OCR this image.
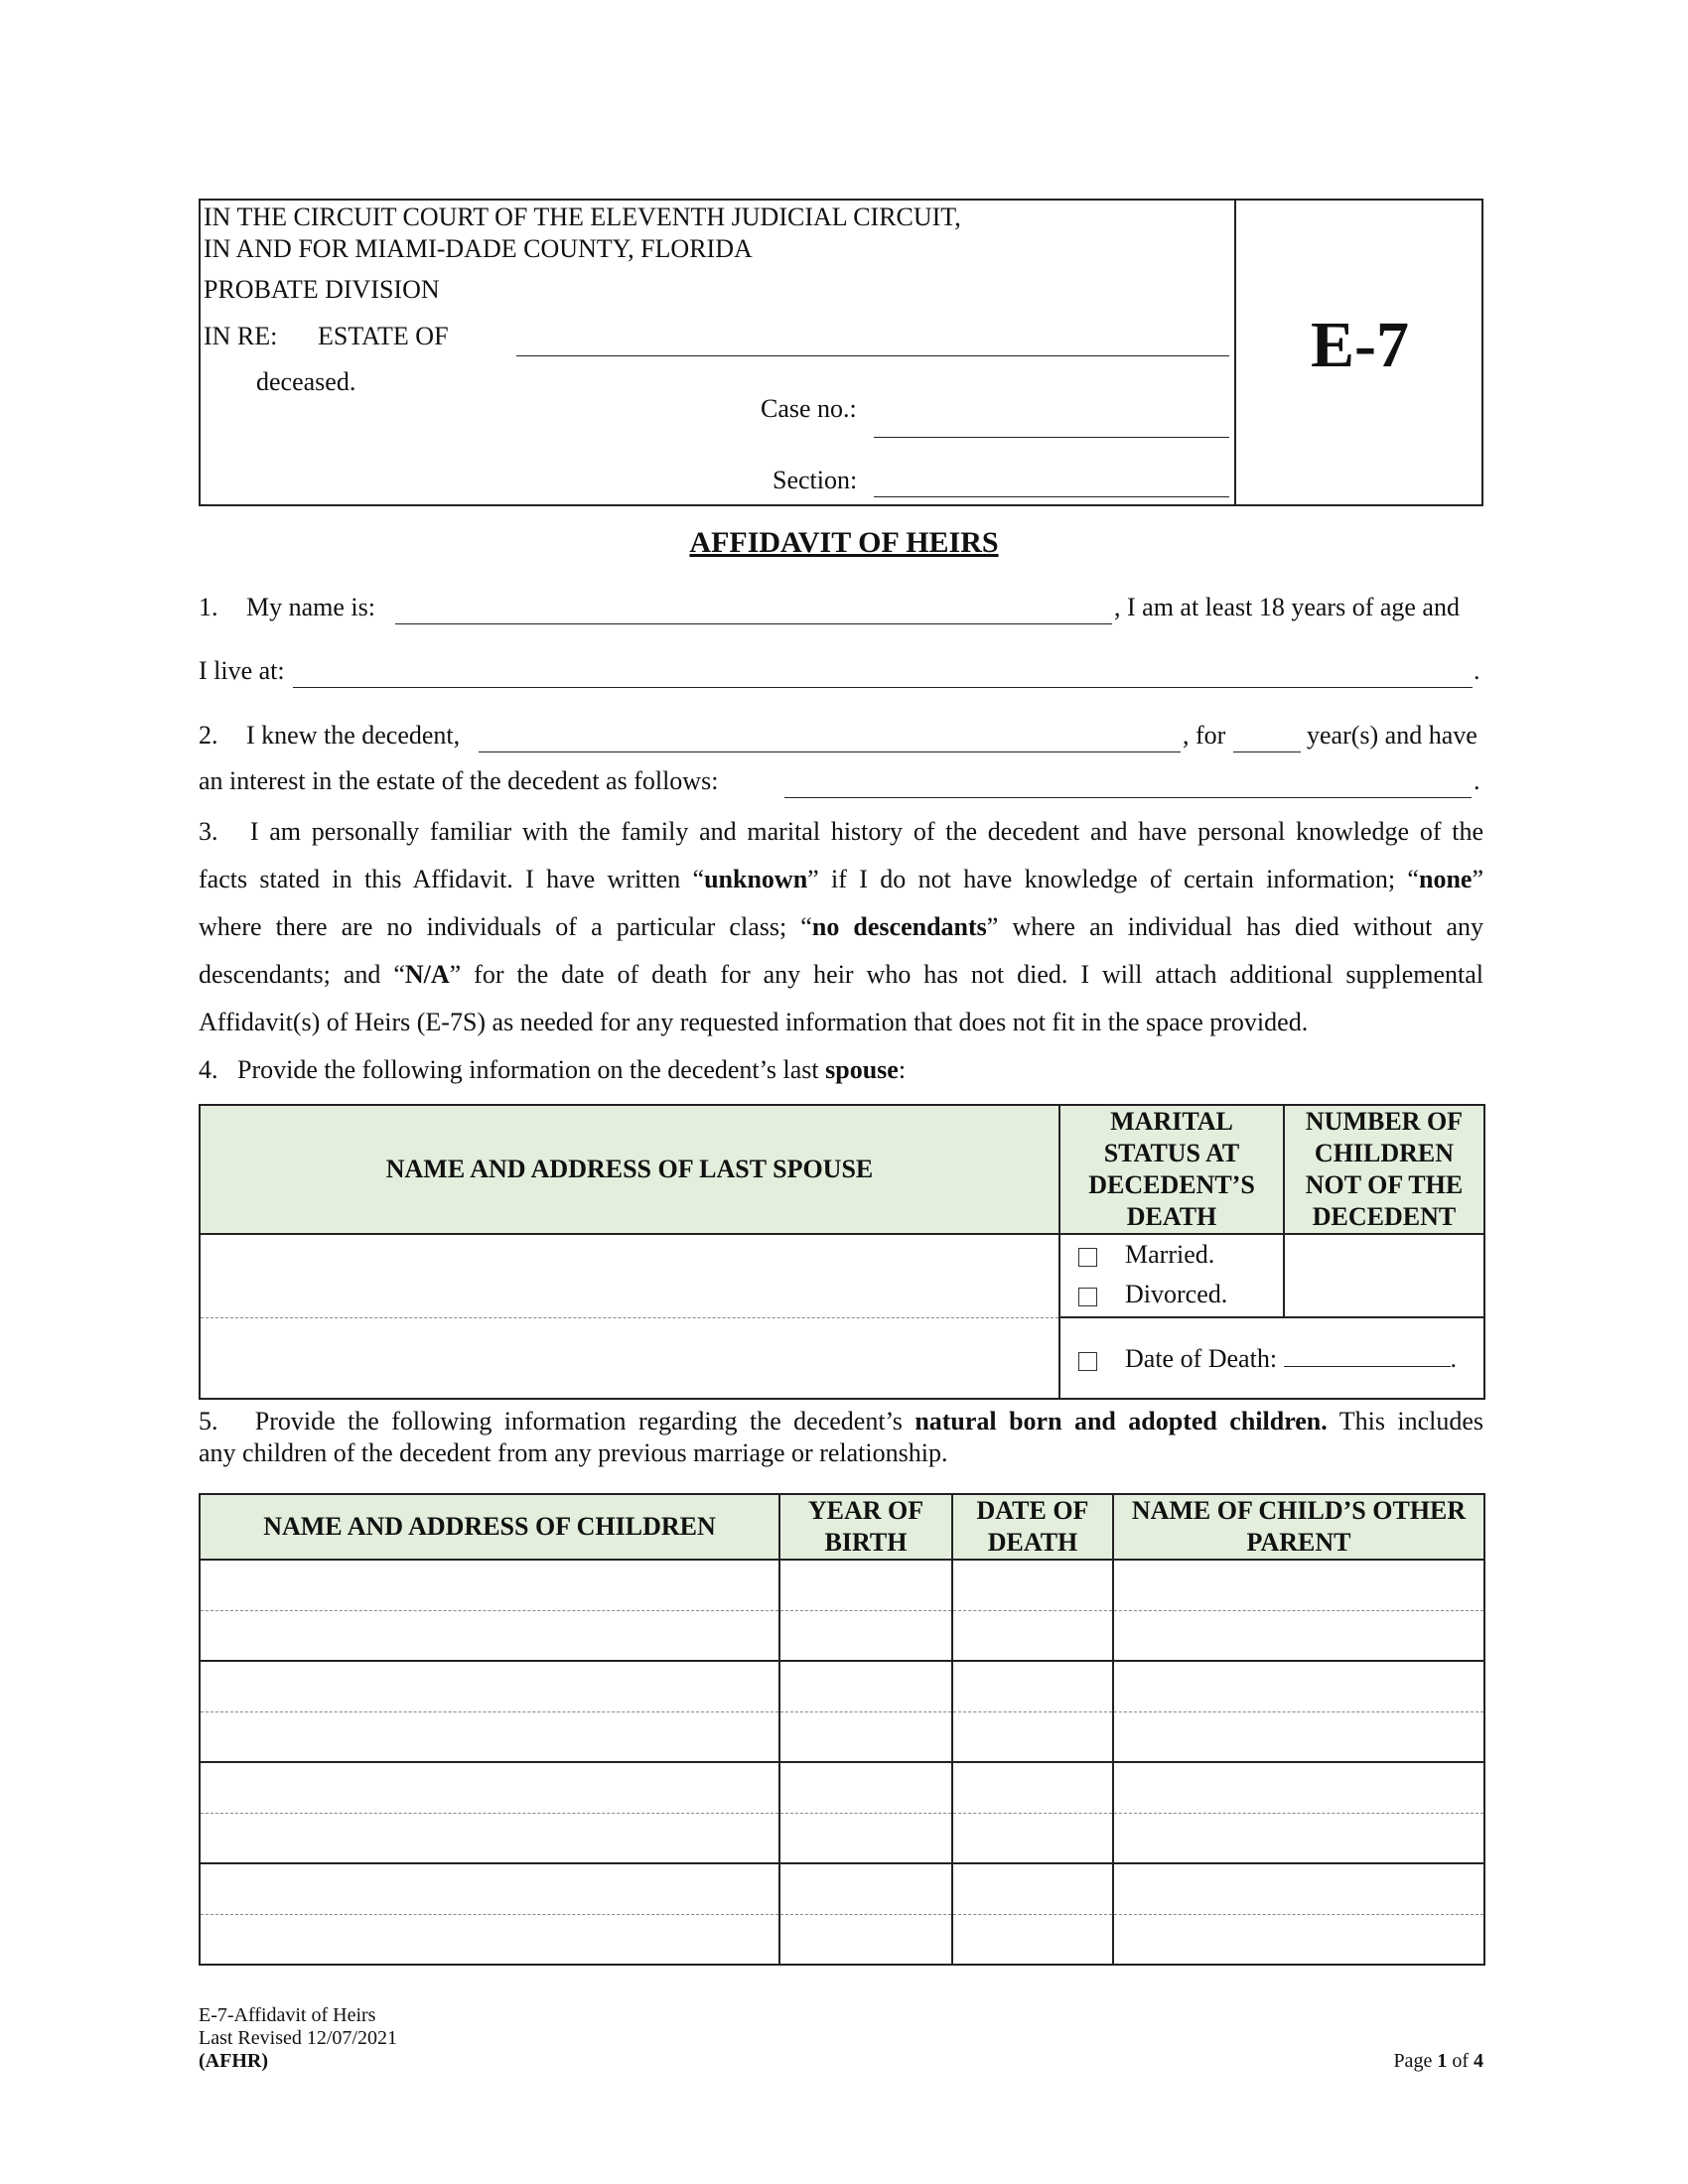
IN THE CIRCUIT COURT OF THE ELEVENTH JUDICIAL CIRCUIT,
IN AND FOR MIAMI-DADE COUNTY, FLORIDA
PROBATE DIVISION
IN RE: ESTATE OF
deceased.
Case no.:
Section:
E-7
AFFIDAVIT OF HEIRS
1. My name is:	, I am at least 18 years of age and
I live at:	.
2. I knew the decedent,	, for	year(s) and have
an interest in the estate of the decedent as follows:	.
3. I am personally familiar with the family and marital history of the decedent and have personal knowledge of the
facts stated in this Affidavit. I have written “unknown” if I do not have knowledge of certain information; “none”
where there are no individuals of a particular class; “no descendants” where an individual has died without any
descendants; and “N/A” for the date of death for any heir who has not died. I will attach additional supplemental
Affidavit(s) of Heirs (E-7S) as needed for any requested information that does not fit in the space provided.
4. Provide the following information on the decedent’s last spouse:
NAME AND ADDRESS OF LAST SPOUSE	MARITAL STATUS AT DECEDENT’S DEATH	NUMBER OF CHILDREN NOT OF THE DECEDENT

	Married.
Divorced.	

	Date of Death: .	
5. Provide the following information regarding the decedent’s natural born and adopted children. This includes
any children of the decedent from any previous marriage or relationship.
NAME AND ADDRESS OF CHILDREN	YEAR OF BIRTH	DATE OF DEATH	NAME OF CHILD’S OTHER PARENT

E-7-Affidavit of Heirs
Last Revised 12/07/2021
(AFHR)	Page 1 of 4
